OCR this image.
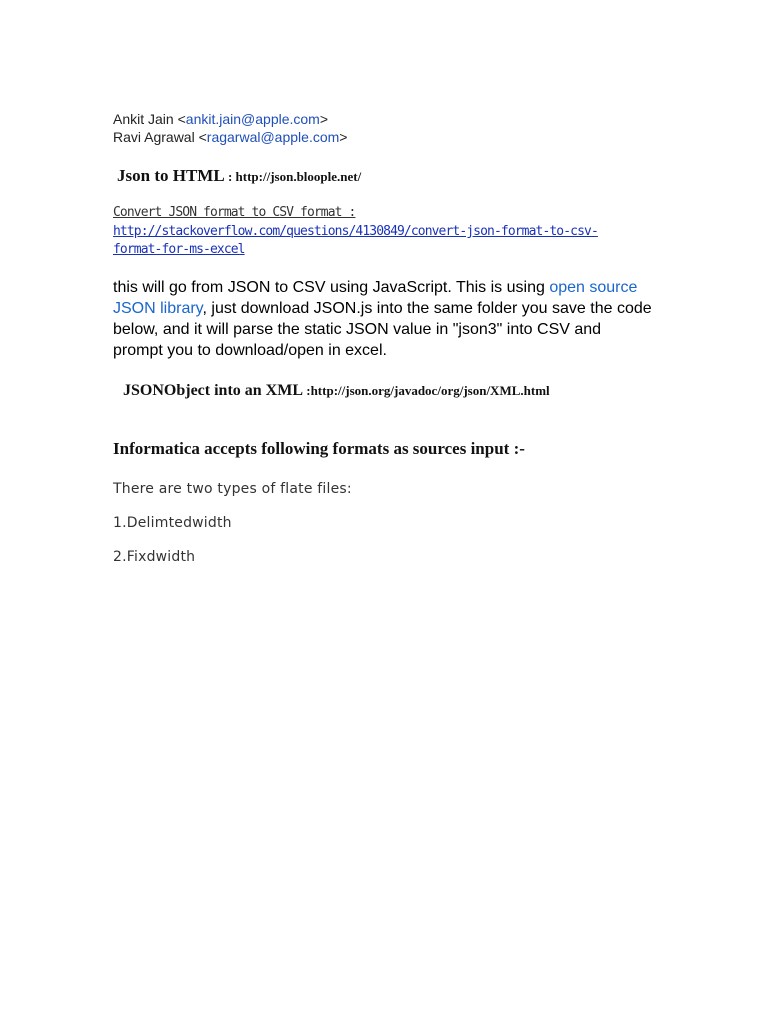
Ankit Jain <ankit.jain@apple.com>
Ravi Agrawal <ragarwal@apple.com>
Json to HTML : http://json.bloople.net/
Convert JSON format to CSV format :
http://stackoverflow.com/questions/4130849/convert-json-format-to-csv-
format-for-ms-excel
this will go from JSON to CSV using JavaScript. This is using open source JSON library, just download JSON.js into the same folder you save the code below, and it will parse the static JSON value in "json3" into CSV and prompt you to download/open in excel.
JSONObject into an XML :http://json.org/javadoc/org/json/XML.html
Informatica accepts following formats as sources input :-
There are two types of flate files:
1.Delimtedwidth
2.Fixdwidth
